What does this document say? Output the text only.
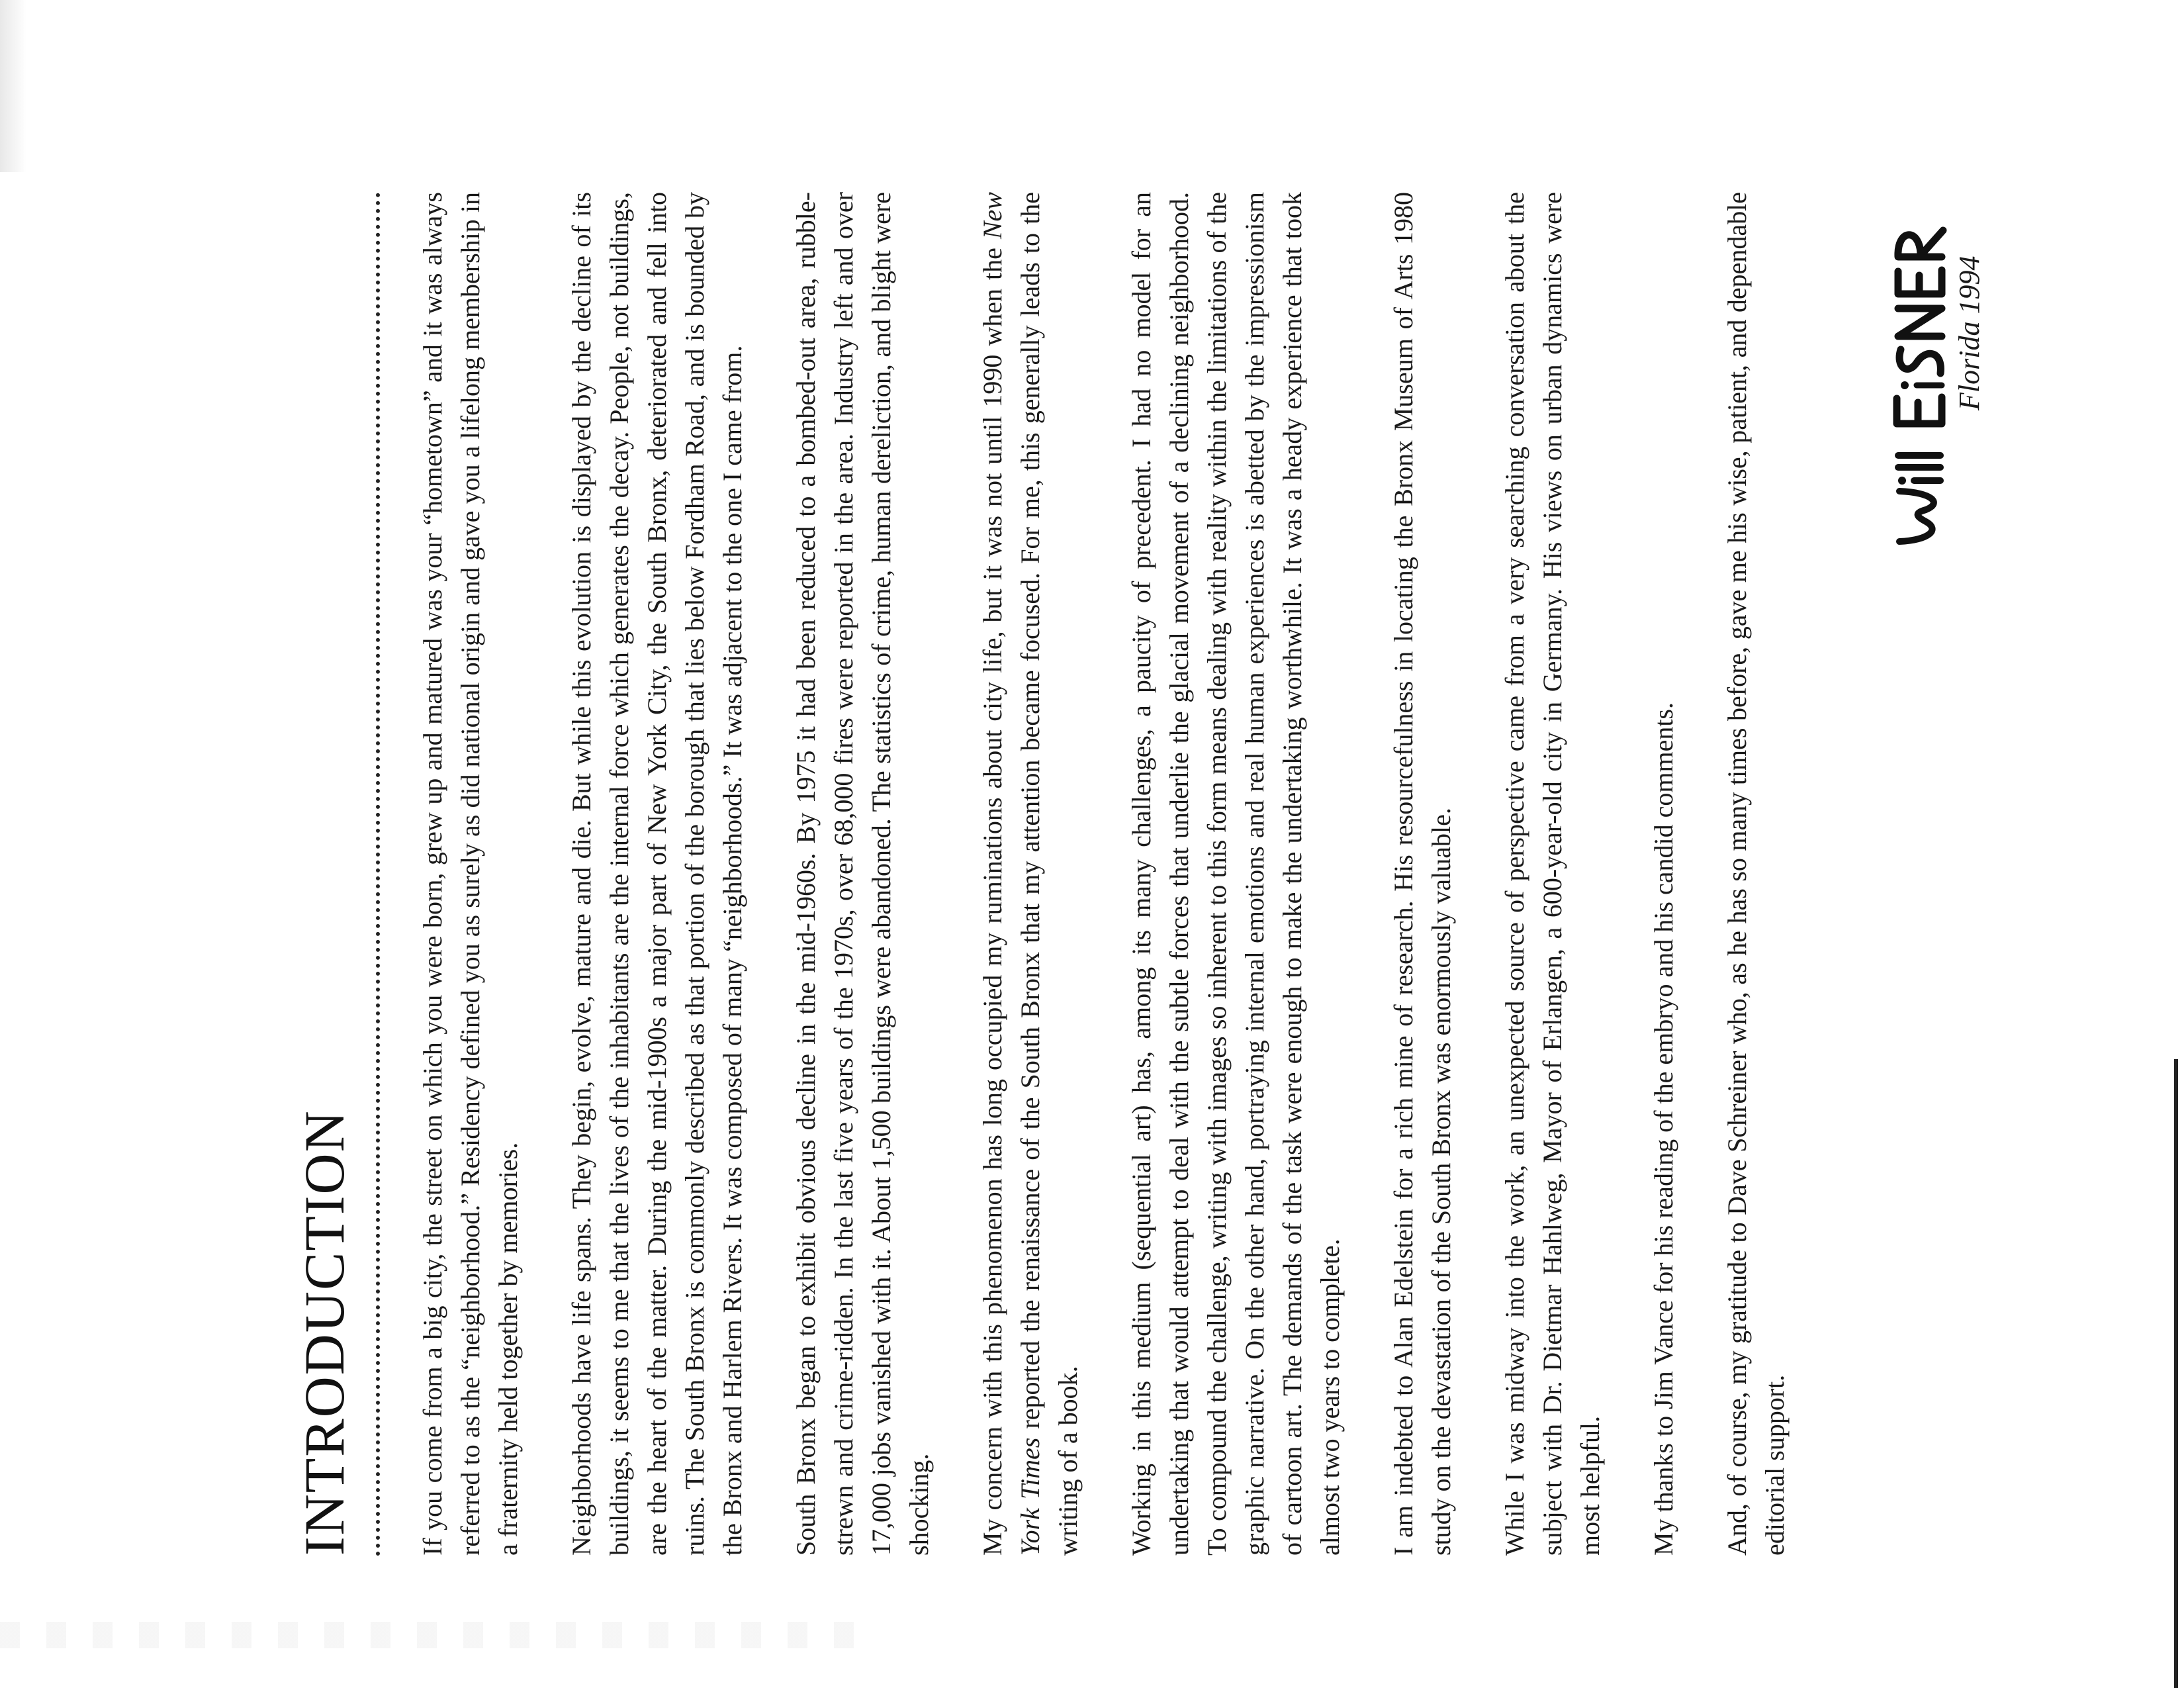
INTRODUCTION If you come from a big city, the street on which you were born, grew up and matured was your “hometown” and it was always referred to as the “neighborhood.” Residency defined you as surely as did national origin and gave you a lifelong membership in a fraternity held together by memories. Neighborhoods have life spans. They begin, evolve, mature and die. But while this evolution is displayed by the decline of its buildings, it seems to me that the lives of the inhabitants are the internal force which generates the decay. People, not buildings, are the heart of the matter. During the mid-1900s a major part of New York City, the South Bronx, deteriorated and fell into ruins. The South Bronx is commonly described as that portion of the borough that lies below Fordham Road, and is bounded by the Bronx and Harlem Rivers. It was composed of many “neighborhoods.” It was adjacent to the one I came from. South Bronx began to exhibit obvious decline in the mid-1960s. By 1975 it had been reduced to a bombed-out area, rubble-strewn and crime-ridden. In the last five years of the 1970s, over 68,000 fires were reported in the area. Industry left and over 17,000 jobs vanished with it. About 1,500 buildings were abandoned. The statistics of crime, human dereliction, and blight were shocking. My concern with this phenomenon has long occupied my ruminations about city life, but it was not until 1990 when the New York Times reported the renaissance of the South Bronx that my attention became focused. For me, this generally leads to the writing of a book. Working in this medium (sequential art) has, among its many challenges, a paucity of precedent. I had no model for an undertaking that would attempt to deal with the subtle forces that underlie the glacial movement of a declining neighborhood. To compound the challenge, writing with images so inherent to this form means dealing with reality within the limitations of the graphic narrative. On the other hand, portraying internal emotions and real human experiences is abetted by the impressionism of cartoon art. The demands of the task were enough to make the undertaking worthwhile. It was a heady experience that took almost two years to complete. I am indebted to Alan Edelstein for a rich mine of research. His resourcefulness in locating the Bronx Museum of Arts 1980 study on the devastation of the South Bronx was enormously valuable. While I was midway into the work, an unexpected source of perspective came from a very searching conversation about the subject with Dr. Dietmar Hahlweg, Mayor of Erlangen, a 600-year-old city in Germany. His views on urban dynamics were most helpful. My thanks to Jim Vance for his reading of the embryo and his candid comments. And, of course, my gratitude to Dave Schreiner who, as he has so many times before, gave me his wise, patient, and dependable editorial support.

Florida 1994
